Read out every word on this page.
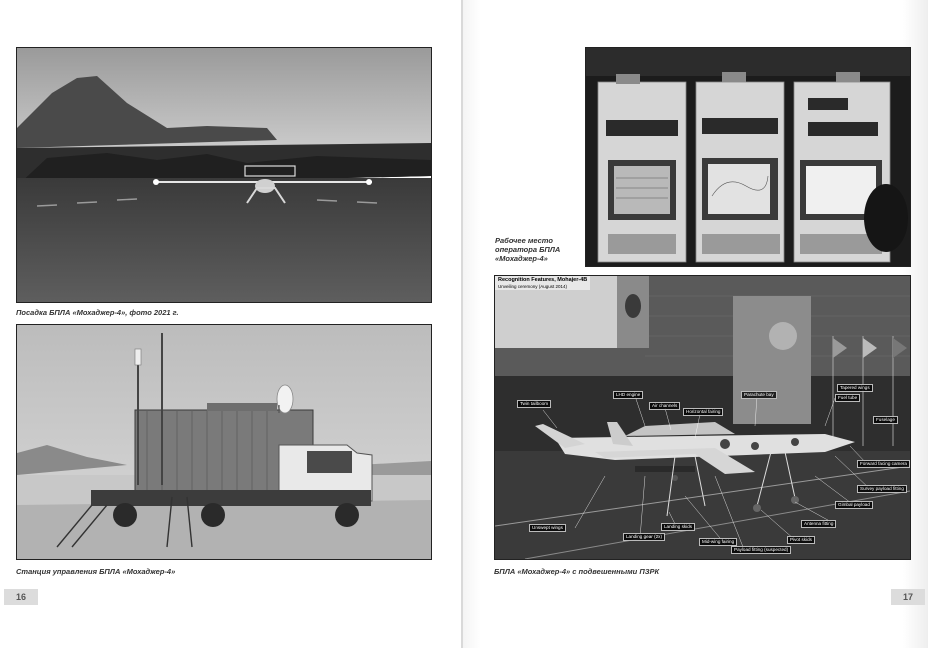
Посадка БПЛА «Мохаджер-4», фото 2021 г.
Станция управления БПЛА «Мохаджер-4»
16
Рабочее место
оператора БПЛА
«Мохаджер-4»
Recognition Features, Mohajer-4B
Unveiling ceremony (August 2014)
Twin tailboom
LHD engine
Air channels
Horizontal fairing
Parachute bay
Fuselage
Fuel tube
Forward facing camera
Survey payload fitting
Gimbal payload
Antenna fitting
Payload fitting (suspected)
Pivot skids
Landing skids
Mid-wing fairing
Landing gear (2x)
Unswept wings
Tapered wings
БПЛА «Мохаджер-4» с подвешенными ПЗРК
17
